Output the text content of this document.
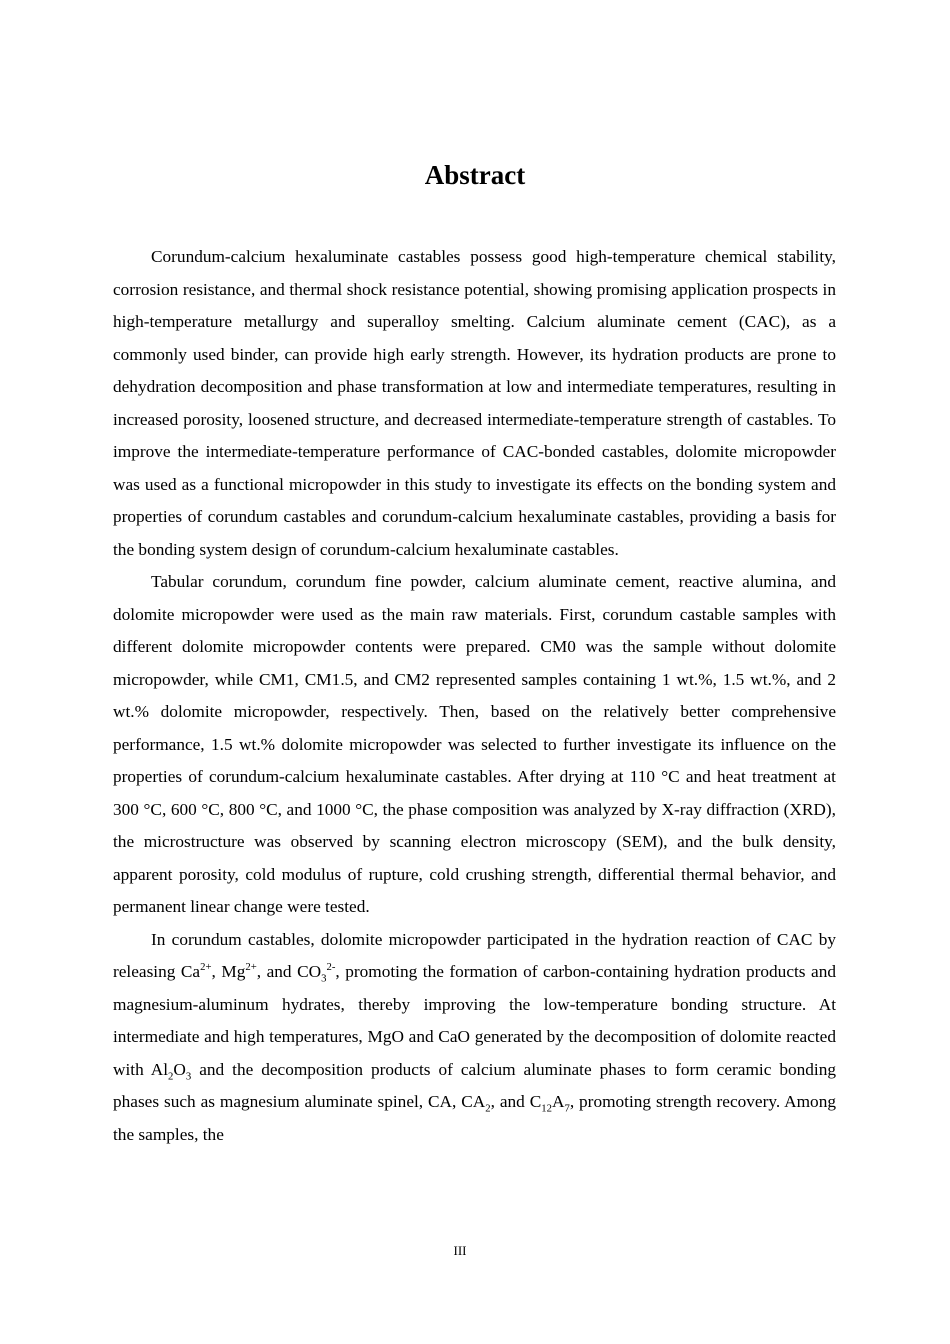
Abstract

Corundum-calcium hexaluminate castables possess good high-temperature chemical stability, corrosion resistance, and thermal shock resistance potential, showing promising application prospects in high-temperature metallurgy and superalloy smelting. Calcium aluminate cement (CAC), as a commonly used binder, can provide high early strength. However, its hydration products are prone to dehydration decomposition and phase transformation at low and intermediate temperatures, resulting in increased porosity, loosened structure, and decreased intermediate-temperature strength of castables. To improve the intermediate-temperature performance of CAC-bonded castables, dolomite micropowder was used as a functional micropowder in this study to investigate its effects on the bonding system and properties of corundum castables and corundum-calcium hexaluminate castables, providing a basis for the bonding system design of corundum-calcium hexaluminate castables.

Tabular corundum, corundum fine powder, calcium aluminate cement, reactive alumina, and dolomite micropowder were used as the main raw materials. First, corundum castable samples with different dolomite micropowder contents were prepared. CM0 was the sample without dolomite micropowder, while CM1, CM1.5, and CM2 represented samples containing 1 wt.%, 1.5 wt.%, and 2 wt.% dolomite micropowder, respectively. Then, based on the relatively better comprehensive performance, 1.5 wt.% dolomite micropowder was selected to further investigate its influence on the properties of corundum-calcium hexaluminate castables. After drying at 110 °C and heat treatment at 300 °C, 600 °C, 800 °C, and 1000 °C, the phase composition was analyzed by X-ray diffraction (XRD), the microstructure was observed by scanning electron microscopy (SEM), and the bulk density, apparent porosity, cold modulus of rupture, cold crushing strength, differential thermal behavior, and permanent linear change were tested.

In corundum castables, dolomite micropowder participated in the hydration reaction of CAC by releasing $Ca^{2+}$, $Mg^{2+}$, and $CO_3^{2-}$, promoting the formation of carbon-containing hydration products and magnesium-aluminum hydrates, thereby improving the low-temperature bonding structure. At intermediate and high temperatures, MgO and CaO generated by the decomposition of dolomite reacted with $Al_2O_3$ and the decomposition products of calcium aluminate phases to form ceramic bonding phases such as magnesium aluminate spinel, CA, $CA_2$, and $C_{12}A_7$, promoting strength recovery. Among the samples, the

III
